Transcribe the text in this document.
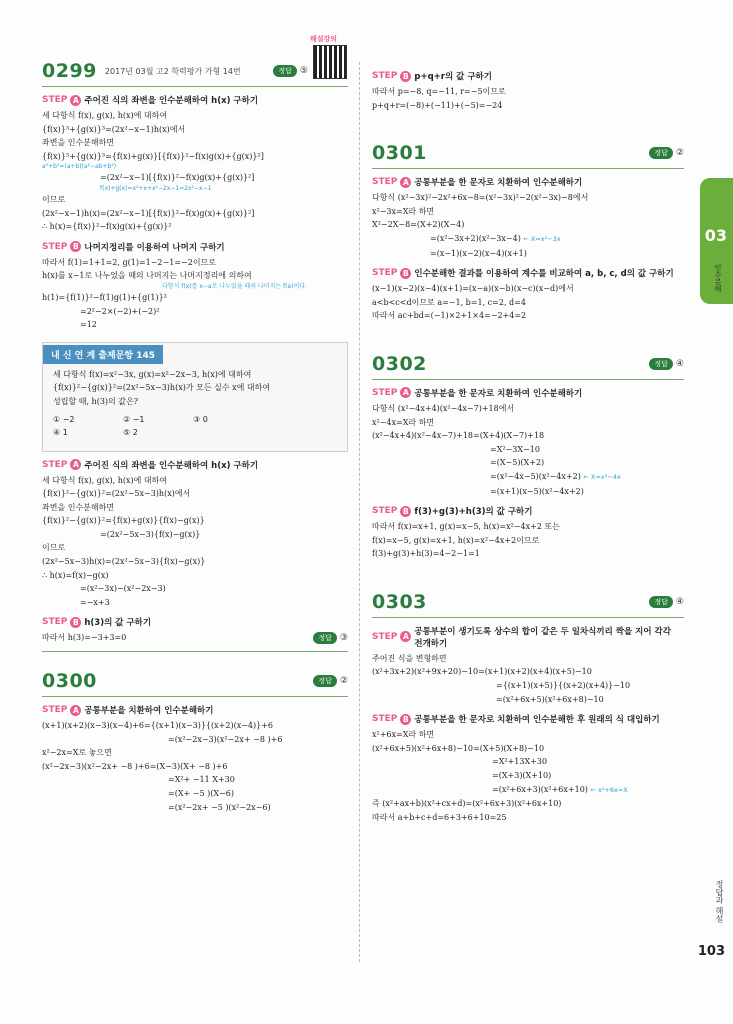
해설강의
0299 2017년 03월 고2 학력평가 가형 14번	정답 ⑤
STEP A 주어진 식의 좌변을 인수분해하여 h(x) 구하기
세 다항식 f(x), g(x), h(x)에 대하여
{f(x)}³+{g(x)}³=(2x²−x−1)h(x)에서
좌변을 인수분해하면
{f(x)}³+{g(x)}³={f(x)+g(x)}[{f(x)}²−f(x)g(x)+{g(x)}²]
a³+b³=(a+b)(a²−ab+b²)
=(2x²−x−1)[{f(x)}²−f(x)g(x)+{g(x)}²]
f(x)+g(x)=x²+x+x²−2x−1=2x²−x−1
이므로
(2x²−x−1)h(x)=(2x²−x−1)[{f(x)}²−f(x)g(x)+{g(x)}²]
∴ h(x)={f(x)}²−f(x)g(x)+{g(x)}²
STEP B 나머지정리를 이용하여 나머지 구하기
따라서 f(1)=1+1=2, g(1)=1−2−1=−2이므로
h(x)를 x−1로 나누었을 때의 나머지는 나머지정리에 의하여
다항식 f(x)를 x−a로 나누었을 때의 나머지는 f(a)이다.
h(1)={f(1)}²−f(1)g(1)+{g(1)}²
=2²−2×(−2)+(−2)²
=12
내 신 연 계 출제문항 145
세 다항식 f(x)=x²−3x, g(x)=x²−2x−3, h(x)에 대하여
{f(x)}²−{g(x)}²=(2x²−5x−3)h(x)가 모든 실수 x에 대하여
성립할 때, h(3)의 값은?
① −2	② −1	③ 0
④ 1	⑤ 2
STEP A 주어진 식의 좌변을 인수분해하여 h(x) 구하기
세 다항식 f(x), g(x), h(x)에 대하여
{f(x)}²−{g(x)}²=(2x²−5x−3)h(x)에서
좌변을 인수분해하면
{f(x)}²−{g(x)}²={f(x)+g(x)}{f(x)−g(x)}
=(2x²−5x−3){f(x)−g(x)}
이므로
(2x²−5x−3)h(x)=(2x²−5x−3){f(x)−g(x)}
∴ h(x)=f(x)−g(x)
=(x²−3x)−(x²−2x−3)
=−x+3
STEP B h(3)의 값 구하기
따라서 h(3)=−3+3=0	정답 ③
0300	정답 ②
STEP A 공통부분을 치환하여 인수분해하기
(x+1)(x+2)(x−3)(x−4)+6={(x+1)(x−3)}{(x+2)(x−4)}+6
=(x²−2x−3)(x²−2x+ −8 )+6
x²−2x=X로 놓으면
(x²−2x−3)(x²−2x+ −8 )+6=(X−3)(X+ −8 )+6
=X²+ −11 X+30
=(X+ −5 )(X−6)
=(x²−2x+ −5 )(x²−2x−6)
STEP B p+q+r의 값 구하기
따라서 p=−8, q=−11, r=−5이므로
p+q+r=(−8)+(−11)+(−5)=−24
0301	정답 ②
STEP A 공통부분을 한 문자로 치환하여 인수분해하기
다항식 (x²−3x)²−2x²+6x−8=(x²−3x)²−2(x²−3x)−8에서
x²−3x=X라 하면
X²−2X−8=(X+2)(X−4)
=(x²−3x+2)(x²−3x−4) ← X=x²−3x
=(x−1)(x−2)(x−4)(x+1)
STEP B 인수분해한 결과를 이용하여 계수를 비교하여 a, b, c, d의 값 구하기
(x−1)(x−2)(x−4)(x+1)=(x−a)(x−b)(x−c)(x−d)에서
a<b<c<d이므로 a=−1, b=1, c=2, d=4
따라서 ac+bd=(−1)×2+1×4=−2+4=2
0302	정답 ④
STEP A 공통부분을 한 문자로 치환하여 인수분해하기
다항식 (x²−4x+4)(x²−4x−7)+18에서
x²−4x=X라 하면
(x²−4x+4)(x²−4x−7)+18=(X+4)(X−7)+18
=X²−3X−10
=(X−5)(X+2)
=(x²−4x−5)(x²−4x+2) ← X=x²−4x
=(x+1)(x−5)(x²−4x+2)
STEP B f(3)+g(3)+h(3)의 값 구하기
따라서 f(x)=x+1, g(x)=x−5, h(x)=x²−4x+2 또는
f(x)=x−5, g(x)=x+1, h(x)=x²−4x+2이므로
f(3)+g(3)+h(3)=4−2−1=1
0303	정답 ④
STEP A 공통부분이 생기도록 상수의 합이 같은 두 일차식끼리 짝을 지어 각각 전개하기
주어진 식을 변형하면
(x²+3x+2)(x²+9x+20)−10=(x+1)(x+2)(x+4)(x+5)−10
={(x+1)(x+5)}{(x+2)(x+4)}−10
=(x²+6x+5)(x²+6x+8)−10
STEP B 공통부분을 한 문자로 치환하여 인수분해한 후 원래의 식 대입하기
x²+6x=X라 하면
(x²+6x+5)(x²+6x+8)−10=(X+5)(X+8)−10
=X²+13X+30
=(X+3)(X+10)
=(x²+6x+3)(x²+6x+10) ← x²+6x=X
즉 (x²+ax+b)(x²+cx+d)=(x²+6x+3)(x²+6x+10)
따라서 a+b+c+d=6+3+6+10=25
03
인수분해
정답과 해설
103
